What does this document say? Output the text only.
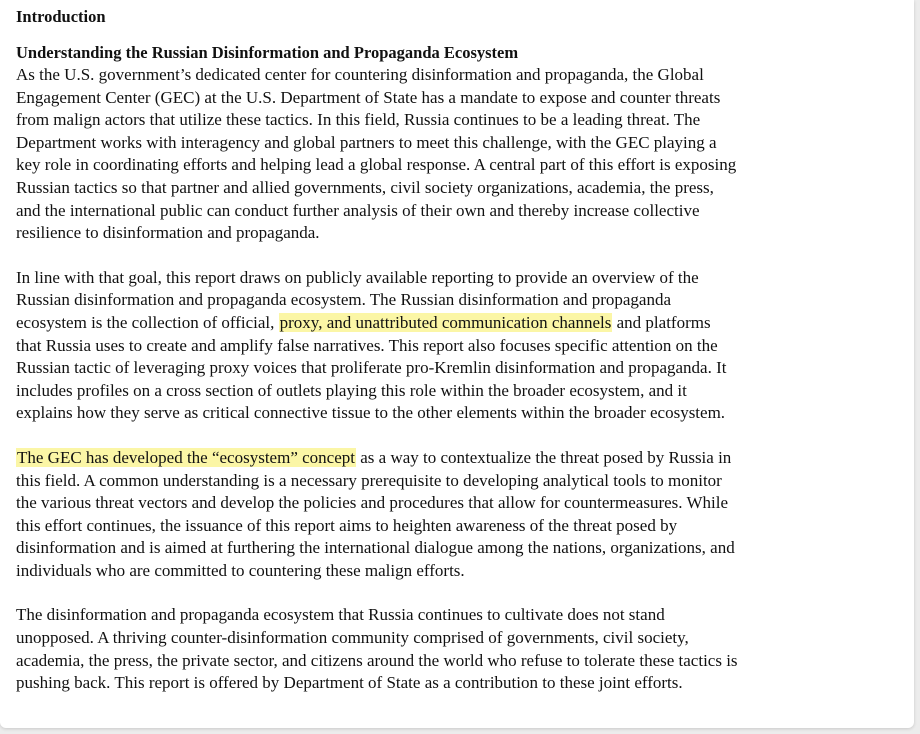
Introduction
Understanding the Russian Disinformation and Propaganda Ecosystem

As the U.S. government’s dedicated center for countering disinformation and propaganda, the Global
Engagement Center (GEC) at the U.S. Department of State has a mandate to expose and counter threats
from malign actors that utilize these tactics. In this field, Russia continues to be a leading threat. The
Department works with interagency and global partners to meet this challenge, with the GEC playing a
key role in coordinating efforts and helping lead a global response. A central part of this effort is exposing
Russian tactics so that partner and allied governments, civil society organizations, academia, the press,
and the international public can conduct further analysis of their own and thereby increase collective
resilience to disinformation and propaganda.

In line with that goal, this report draws on publicly available reporting to provide an overview of the
Russian disinformation and propaganda ecosystem. The Russian disinformation and propaganda
ecosystem is the collection of official, proxy, and unattributed communication channels and platforms
that Russia uses to create and amplify false narratives. This report also focuses specific attention on the
Russian tactic of leveraging proxy voices that proliferate pro-Kremlin disinformation and propaganda. It
includes profiles on a cross section of outlets playing this role within the broader ecosystem, and it
explains how they serve as critical connective tissue to the other elements within the broader ecosystem.

The GEC has developed the “ecosystem” concept as a way to contextualize the threat posed by Russia in
this field. A common understanding is a necessary prerequisite to developing analytical tools to monitor
the various threat vectors and develop the policies and procedures that allow for countermeasures. While
this effort continues, the issuance of this report aims to heighten awareness of the threat posed by
disinformation and is aimed at furthering the international dialogue among the nations, organizations, and
individuals who are committed to countering these malign efforts.

The disinformation and propaganda ecosystem that Russia continues to cultivate does not stand
unopposed. A thriving counter-disinformation community comprised of governments, civil society,
academia, the press, the private sector, and citizens around the world who refuse to tolerate these tactics is
pushing back. This report is offered by Department of State as a contribution to these joint efforts.
